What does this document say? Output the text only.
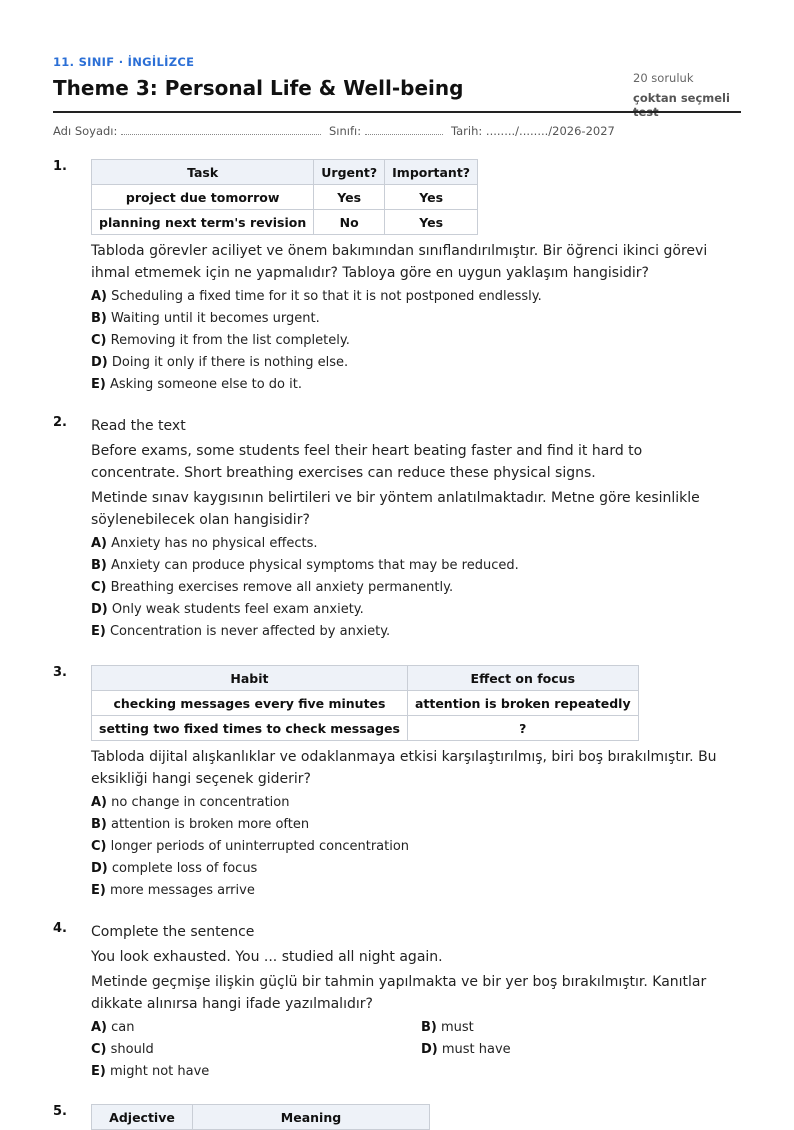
11. SINIF · İNGİLİZCE
Theme 3: Personal Life & Well-being	20 soruluk
çoktan seçmeli
Adı Soyadı:	Sınıfı:	Tarih: ......../......../2026-2027
1.	Task	Urgent?	Important?
project due tomorrow	Yes	Yes
planning next term's revision	No	Yes

Tabloda görevler aciliyet ve önem bakımından sınıflandırılmıştır. Bir öğrenci ikinci görevi ihmal etmemek için ne yapmalıdır? Tabloya göre en uygun yaklaşım hangisidir?

A) Scheduling a fixed time for it so that it is not postponed endlessly.
B) Waiting until it becomes urgent.
C) Removing it from the list completely.
D) Doing it only if there is nothing else.
E) Asking someone else to do it.
2. Read the text

Before exams, some students feel their heart beating faster and find it hard to concentrate. Short breathing exercises can reduce these physical signs.

Metinde sınav kaygısının belirtileri ve bir yöntem anlatılmaktadır. Metne göre kesinlikle söylenebilecek olan hangisidir?

A) Anxiety has no physical effects.
B) Anxiety can produce physical symptoms that may be reduced.
C) Breathing exercises remove all anxiety permanently.
D) Only weak students feel exam anxiety.
E) Concentration is never affected by anxiety.
3.	Habit	Effect on focus
checking messages every five minutes	attention is broken repeatedly
setting two fixed times to check messages	?

Tabloda dijital alışkanlıklar ve odaklanmaya etkisi karşılaştırılmış, biri boş bırakılmıştır. Bu eksikliği hangi seçenek giderir?

A) no change in concentration
B) attention is broken more often
C) longer periods of uninterrupted concentration
D) complete loss of focus
E) more messages arrive
4. Complete the sentence

You look exhausted. You ... studied all night again.

Metinde geçmişe ilişkin güçlü bir tahmin yapılmakta ve bir yer boş bırakılmıştır. Kanıtlar dikkate alınırsa hangi ifade yazılmalıdır?

A) can	B) must
C) should	D) must have
E) might not have
5.	Adjective	Meaning
